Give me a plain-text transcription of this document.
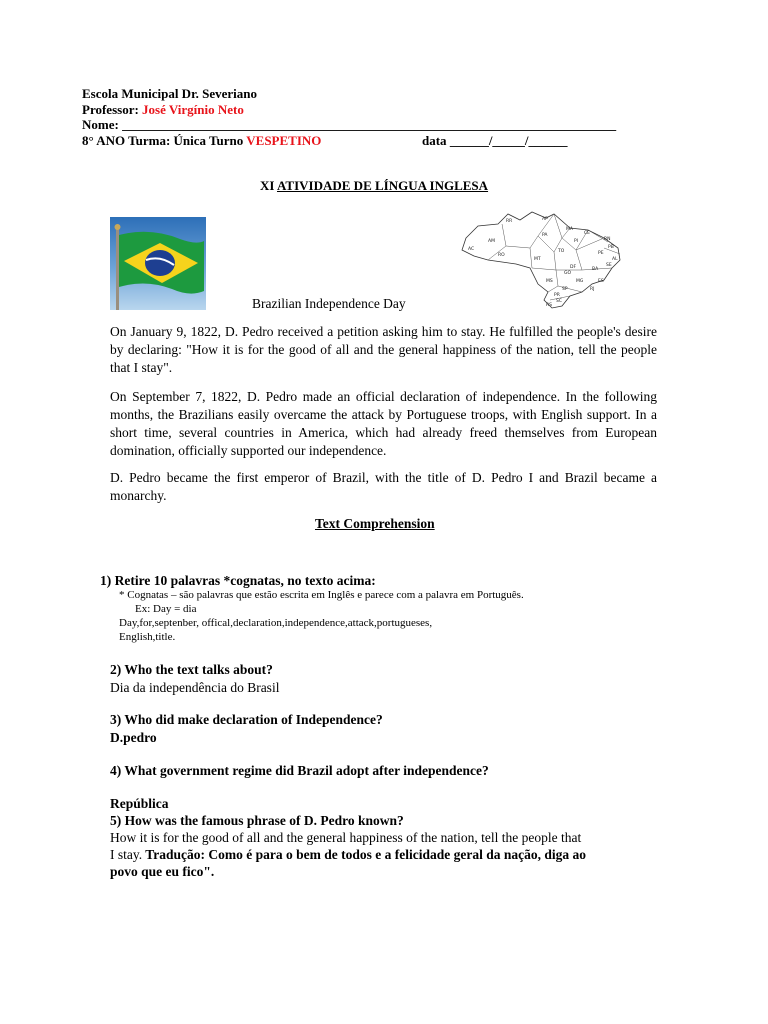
Escola Municipal Dr. Severiano
Professor: José Virgínio Neto
Nome: ____________________________________________________________________________
8° ANO Turma: Única Turno VESPETINO	data ______/_____/______
XI ATIVIDADE DE LÍNGUA INGLESA
RR	AP
AM
PA
MA
CE
RN
PB
PE
PI
AL
SE
BA
TO
MT
GO
DF
MS	MG	ES
RJ
SP
PR
SC
RS
AC
RO
Brazilian Independence Day
On January 9, 1822, D. Pedro received a petition asking him to stay. He fulfilled the people's desire by declaring: "How it is for the good of all and the general happiness of the nation, tell the people that I stay".
On September 7, 1822, D. Pedro made an official declaration of independence. In the following months, the Brazilians easily overcame the attack by Portuguese troops, with English support. In a short time, several countries in America, which had already freed themselves from European domination, officially supported our independence.
D. Pedro became the first emperor of Brazil, with the title of D. Pedro I and Brazil became a monarchy.
Text Comprehension
1) Retire 10 palavras *cognatas, no texto acima:
* Cognatas – são palavras que estão escrita em Inglês e parece com a palavra em Português.
Ex: Day = dia
Day,for,septenber, offical,declaration,independence,attack,portugueses,
English,title.
2) Who the text talks about?
Dia da independência do Brasil
3) Who did make declaration of Independence?
D.pedro
4) What government regime did Brazil adopt after independence?
República
5) How was the famous phrase of D. Pedro known?
How it is for the good of all and the general happiness of the nation, tell the people that
I stay. Tradução: Como é para o bem de todos e a felicidade geral da nação, diga ao
povo que eu fico".
